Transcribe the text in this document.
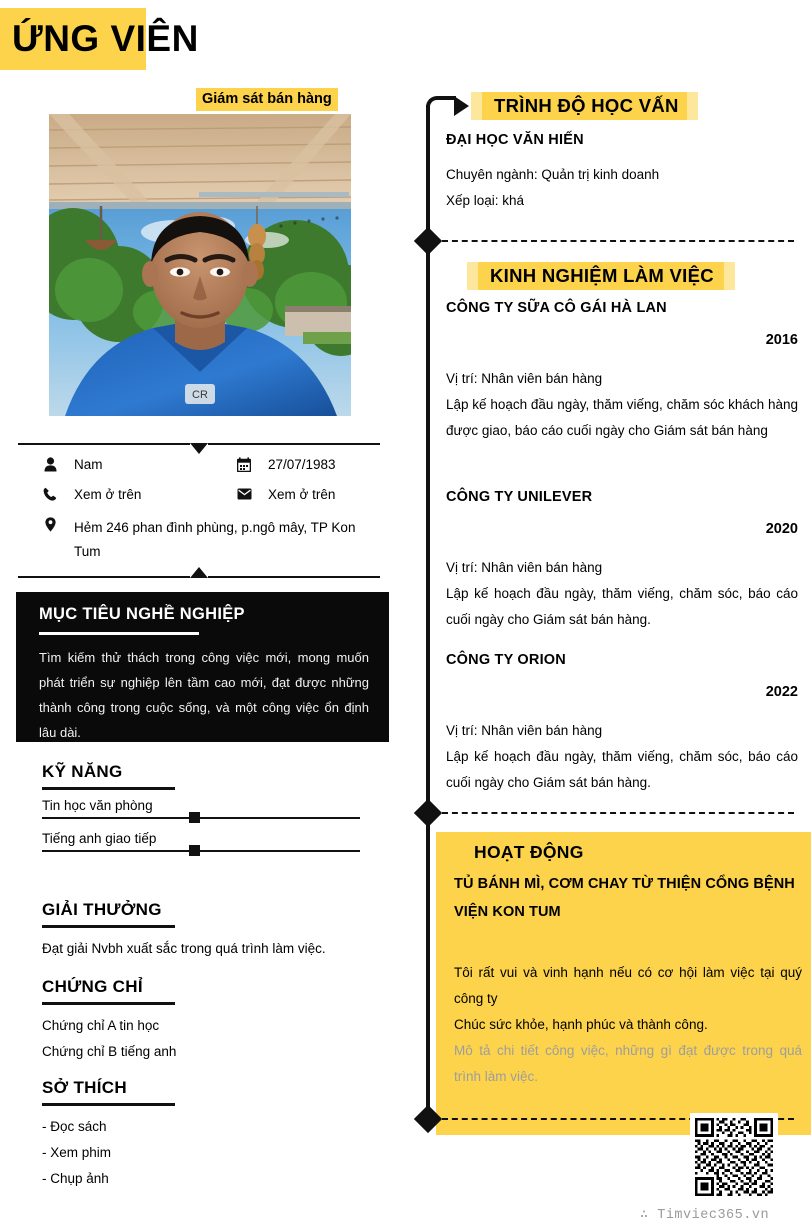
ỨNG VIÊN
Giám sát bán hàng
CR
Nam	27/07/1983
Xem ở trên	Xem ở trên
Hẻm 246 phan đình phùng, p.ngô mây, TP Kon Tum
MỤC TIÊU NGHỀ NGHIỆP
Tìm kiếm thử thách trong công việc mới, mong muốn phát triển sự nghiệp lên tầm cao mới, đạt được những thành công trong cuộc sống, và một công việc ổn định lâu dài.
KỸ NĂNG
Tin học văn phòng
Tiếng anh giao tiếp
GIẢI THƯỞNG
Đạt giải Nvbh xuất sắc trong quá trình làm việc.
CHỨNG CHỈ
Chứng chỉ A tin học
Chứng chỉ B tiếng anh
SỞ THÍCH
- Đọc sách
- Xem phim
- Chụp ảnh
TRÌNH ĐỘ HỌC VẤN
ĐẠI HỌC VĂN HIẾN
Chuyên ngành: Quản trị kinh doanh
Xếp loại: khá
KINH NGHIỆM LÀM VIỆC
CÔNG TY SỮA CÔ GÁI HÀ LAN
2016
Vị trí: Nhân viên bán hàng
Lập kế hoạch đầu ngày, thăm viếng, chăm sóc khách hàng được giao, báo cáo cuối ngày cho Giám sát bán hàng
CÔNG TY UNILEVER
2020
Vị trí: Nhân viên bán hàng
Lập kế hoạch đầu ngày, thăm viếng, chăm sóc, báo cáo cuối ngày cho Giám sát bán hàng.
CÔNG TY ORION
2022
Vị trí: Nhân viên bán hàng
Lập kế hoạch đầu ngày, thăm viếng, chăm sóc, báo cáo cuối ngày cho Giám sát bán hàng.
HOẠT ĐỘNG
TỦ BÁNH MÌ, CƠM CHAY TỪ THIỆN CỔNG BỆNH VIỆN KON TUM
Tôi rất vui và vinh hạnh nếu có cơ hội làm việc tại quý công ty
Chúc sức khỏe, hạnh phúc và thành công.
Mô tả chi tiết công việc, những gì đạt được trong quá trình làm việc.
∴ Timviec365.vn
